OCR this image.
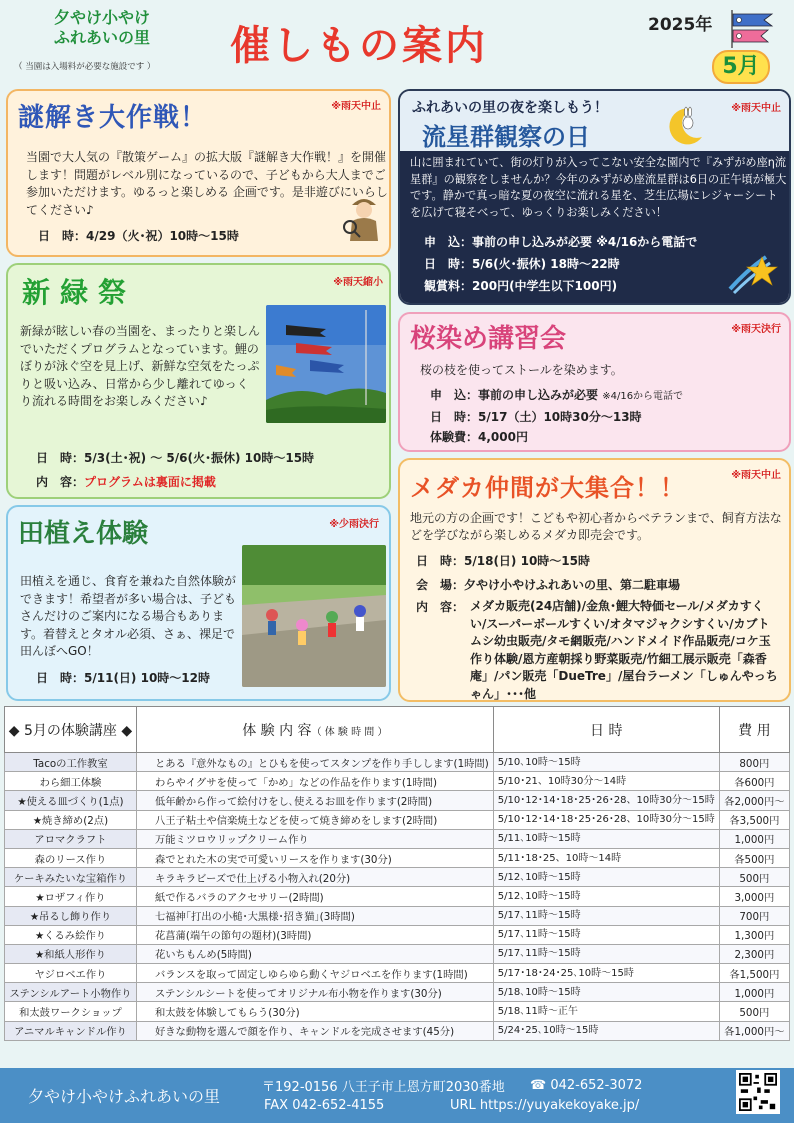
夕やけ小やけ
ふれあいの里
（ 当園は入場料が必要な施設です ） 催しもの案内	2025年
5月
謎解き大作戦！	※雨天中止
当園で大人気の『散策ゲーム』の拡大版『謎解き大作戦！』を開催します！問題がレベル別になっているので、子どもから大人までご参加いただけます。ゆるっと楽しめる 企画です。是非遊びにいらしてください♪
日　時：4/29（火･祝）10時～15時
新緑祭	※雨天縮小
新緑が眩しい春の当園を、まったりと楽しんでいただくプログラムとなっています。鯉のぼりが泳ぐ空を見上げ、新鮮な空気をたっぷりと吸い込み、日常から少し離れてゆっくり流れる時間をお楽しみください♪
日　時：5/3(土･祝) ～ 5/6(火･振休) 10時～15時
内　容：プログラムは裏面に掲載
田植え体験	※少雨決行
田植えを通じ、食育を兼ねた自然体験ができます！希望者が多い場合は、子どもさんだけのご案内になる場合もあります。着替えとタオル必須、さぁ、裸足で田んぼへGO！
日　時：5/11(日) 10時～12時
ふれあいの里の夜を楽しもう！
流星群観察の日
※雨天中止
山に囲まれていて、街の灯りが入ってこない安全な園内で『みずがめ座η流星群』の観察をしませんか？今年のみずがめ座流星群は6日の正午頃が極大です。静かで真っ暗な夏の夜空に流れる星を、芝生広場にレジャーシートを広げて寝そべって、ゆっくりお楽しみください！
申　込：事前の申し込みが必要 ※4/16から電話で
日　時：5/6(火･振休) 18時～22時
観賞料：200円(中学生以下100円)
桜染め講習会	※雨天決行
桜の枝を使ってストールを染めます。
申　込：事前の申し込みが必要 ※4/16から電話で
日　時：5/17（土）10時30分～13時
体験費：4,000円
メダカ仲間が大集合！！	※雨天中止
地元の方の企画です！こどもや初心者からベテランまで、飼育方法などを学びながら楽しめるメダカ即売会です。
日　時：5/18(日) 10時～15時
会　場：夕やけ小やけふれあいの里、第二駐車場
内　容： メダカ販売(24店舗)/金魚･鯉大特価セール/メダカすくい/スーパーボールすくい/オタマジャクシすくい/カブトムシ幼虫販売/タモ網販売/ハンドメイド作品販売/コケ玉作り体験/恩方産朝採り野菜販売/竹細工展示販売「森香庵」/パン販売「DueTre」/屋台ラーメン「しゅんやっちゃん」･･･他
◆ 5月の体験講座 ◆	体 験 内 容（ 体 験 時 間 ）	日 時	費 用
Tacoの工作教室	とある『意外なもの』とひもを使ってスタンプを作り手しします(1時間)	5/10､10時～15時	800円
わら細工体験	わらやイグサを使って「かめ」などの作品を作ります(1時間)	5/10･21、10時30分～14時	各600円
★使える皿づくり(1点)	低年齢から作って絵付けをし､使えるお皿を作ります(2時間)	5/10･12･14･18･25･26･28、10時30分～15時	各2,000円～
★焼き締め(2点)	八王子粘土や信楽焼土などを使って焼き締めをします(2時間)	5/10･12･14･18･25･26･28、10時30分～15時	各3,500円
アロマクラフト	万能ミツロウリップクリーム作り	5/11､10時～15時	1,000円
森のリース作り	森でとれた木の実で可愛いリースを作ります(30分)	5/11･18･25、10時～14時	各500円
ケーキみたいな宝箱作り	キラキラビーズで仕上げる小物入れ(20分)	5/12､10時～15時	500円
★ロザフィ作り	紙で作るバラのアクセサリー(2時間)	5/12､10時～15時	3,000円
★吊るし飾り作り	七福神｢打出の小槌･大黒様･招き猫｣(3時間)	5/17､11時～15時	700円
★くるみ絵作り	花菖蒲(端午の節句の題材)(3時間)	5/17､11時～15時	1,300円
★和紙人形作り	花いちもんめ(5時間)	5/17､11時～15時	2,300円
ヤジロベエ作り	バランスを取って固定しゆらゆら動くヤジロベエを作ります(1時間)	5/17･18･24･25､10時～15時	各1,500円
ステンシルアート小物作り	ステンシルシートを使ってオリジナル布小物を作ります(30分)	5/18､10時～15時	1,000円
和太鼓ワークショップ	和太鼓を体験してもらう(30分)	5/18､11時～正午	500円
アニマルキャンドル作り	好きな動物を選んで顔を作り、キャンドルを完成させます(45分)	5/24･25､10時～15時	各1,000円～
夕やけ小やけふれあいの里	〒192-0156 八王子市上恩方町2030番地 ☎ 042-652-3072
FAX 042-652-4155	URL https://yuyakekoyake.jp/
